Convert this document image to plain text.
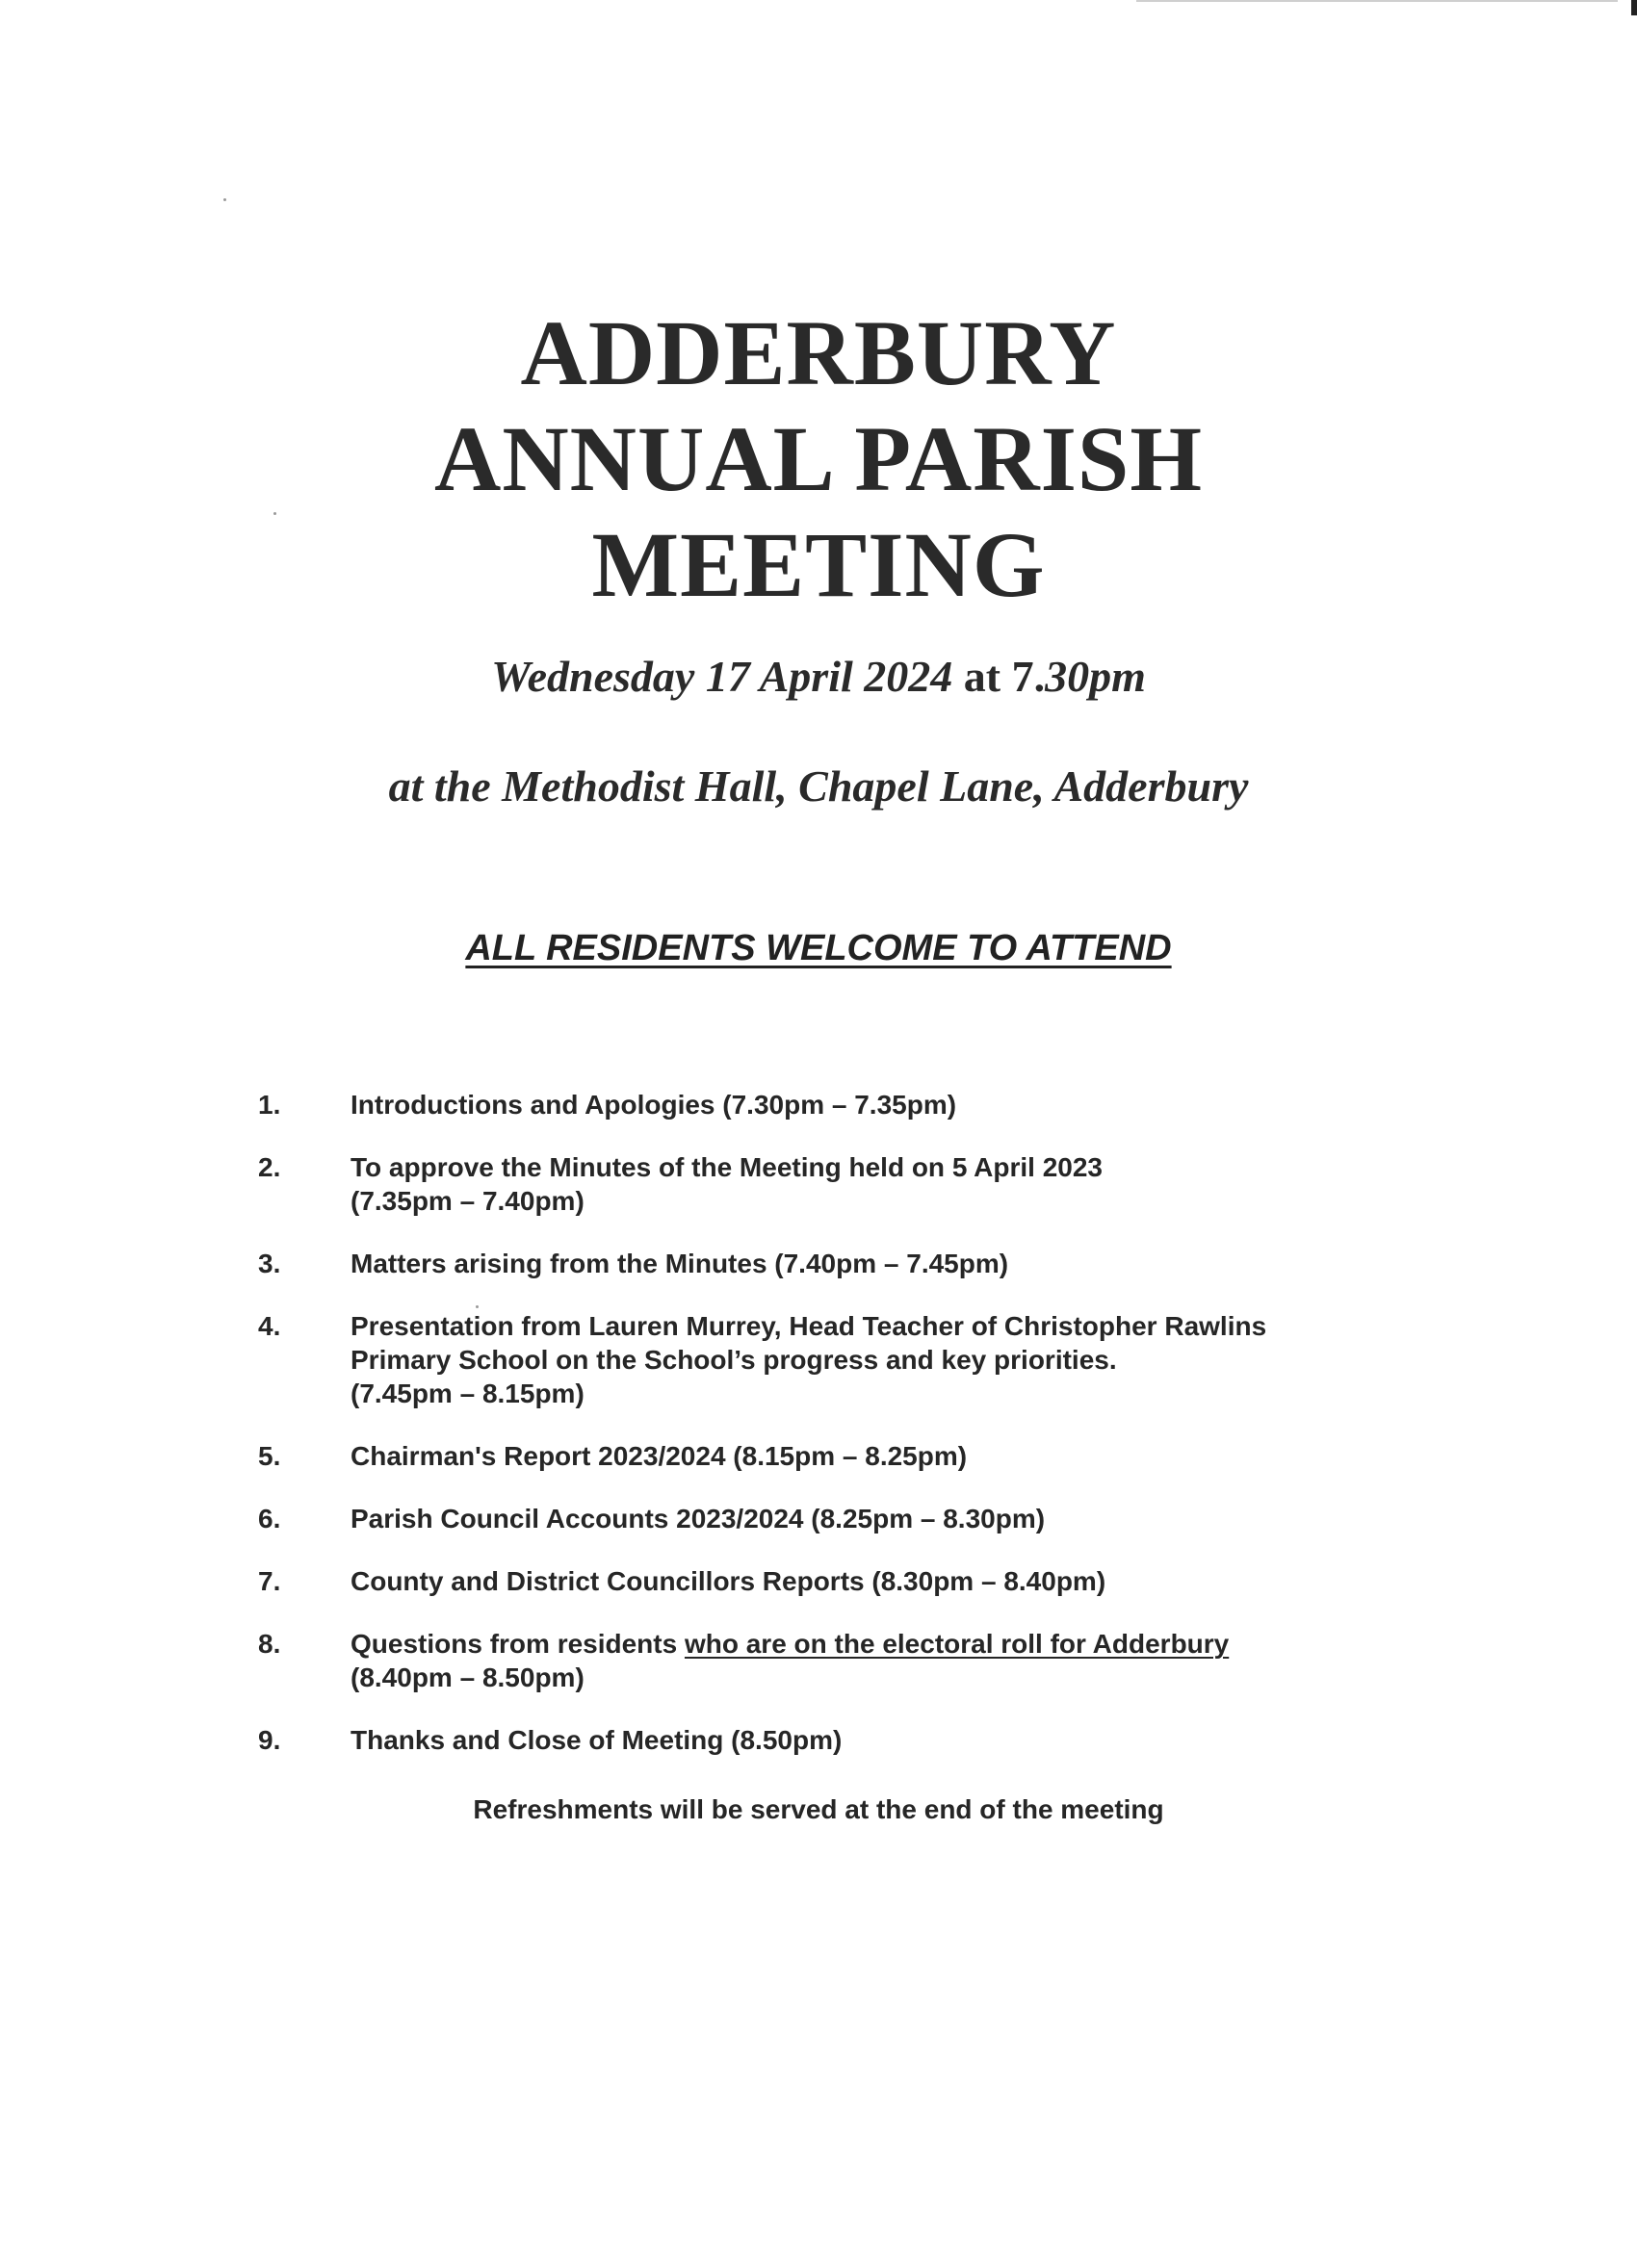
ADDERBURY
ANNUAL PARISH
MEETING
Wednesday 17 April 2024 at 7.30pm
at the Methodist Hall, Chapel Lane, Adderbury
ALL RESIDENTS WELCOME TO ATTEND
1.	Introductions and Apologies (7.30pm – 7.35pm)
2.	To approve the Minutes of the Meeting held on 5 April 2023
(7.35pm – 7.40pm)
3.	Matters arising from the Minutes (7.40pm – 7.45pm)
4.	Presentation from Lauren Murrey, Head Teacher of Christopher Rawlins
Primary School on the School’s progress and key priorities.
(7.45pm – 8.15pm)
5.	Chairman's Report 2023/2024 (8.15pm – 8.25pm)
6.	Parish Council Accounts 2023/2024 (8.25pm – 8.30pm)
7.	County and District Councillors Reports (8.30pm – 8.40pm)
8.	Questions from residents who are on the electoral roll for Adderbury
(8.40pm – 8.50pm)
9.	Thanks and Close of Meeting (8.50pm)
Refreshments will be served at the end of the meeting
